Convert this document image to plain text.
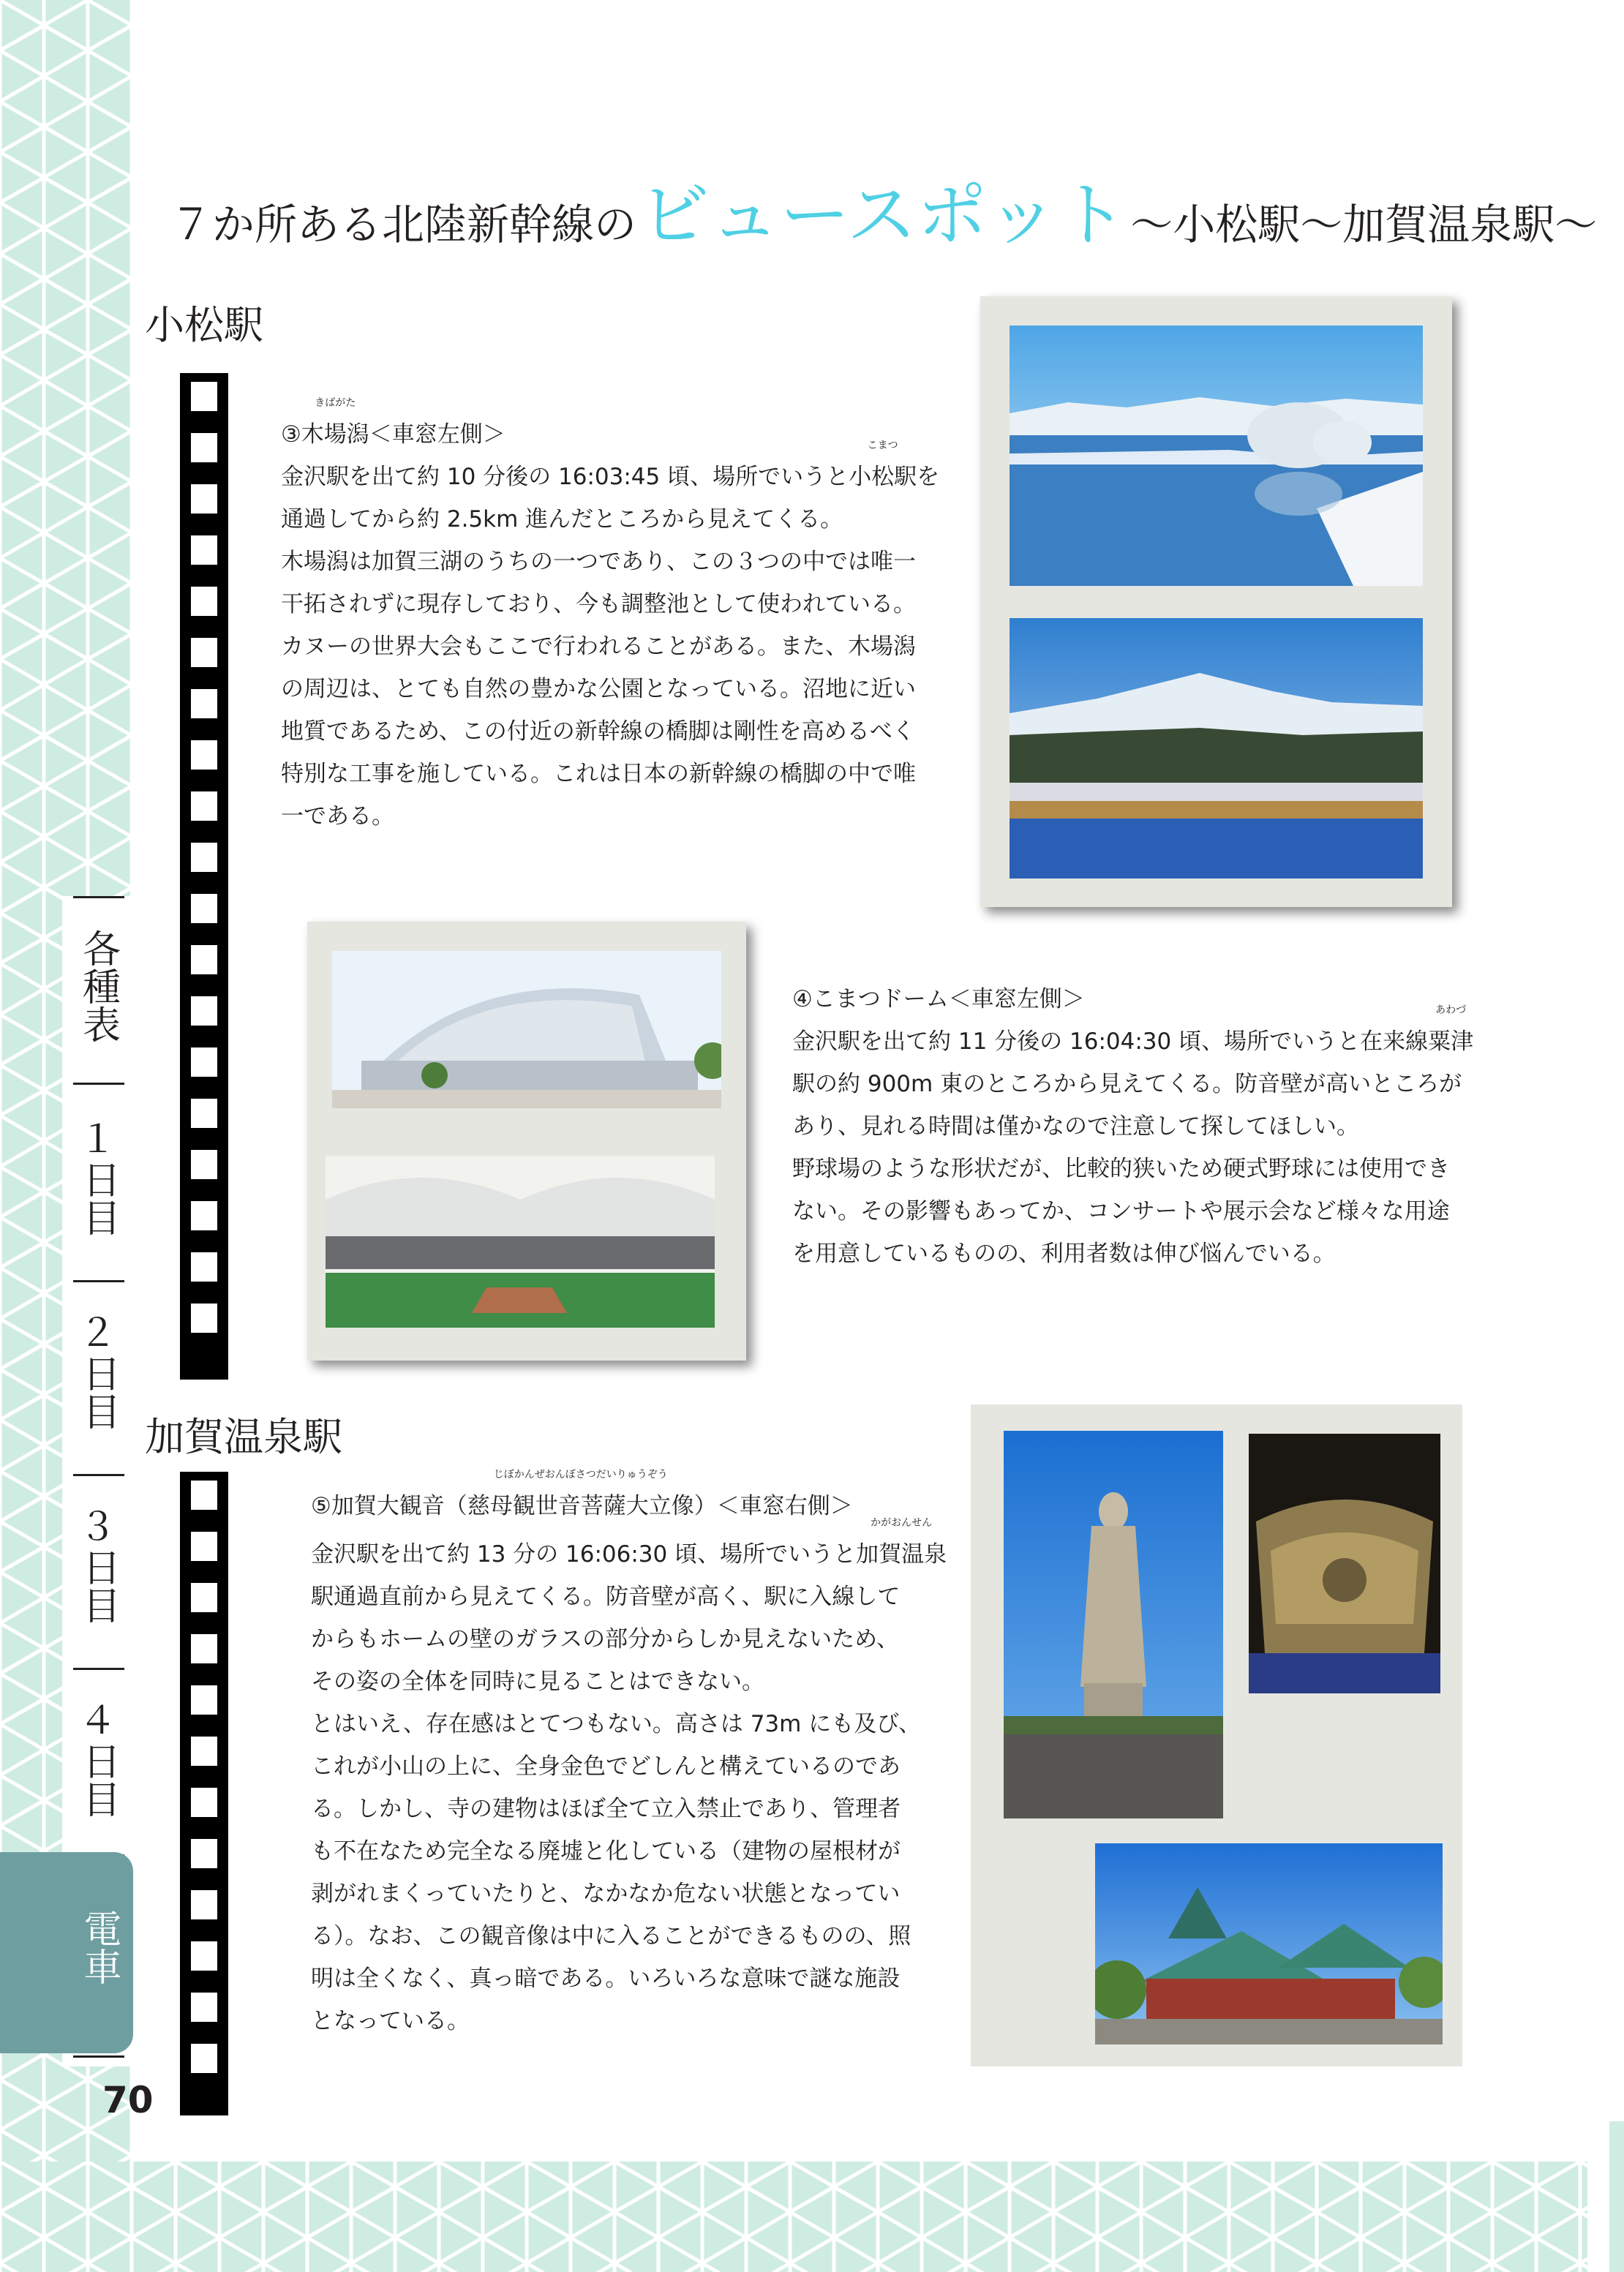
７か所ある北陸新幹線の ビュースポット 〜小松駅〜加賀温泉駅〜
小松駅
③
きばがた
木場潟＜車窓左側＞
金沢駅を出て約 10 分後の 16:03:45 頃、場所でいうと
こまつ
小松駅を
通過してから約 2.5km 進んだところから見えてくる。
木場潟は加賀三湖のうちの一つであり、この３つの中では唯一
干拓されずに現存しており、今も調整池として使われている。
カヌーの世界大会もここで行われることがある。また、木場潟
の周辺は、とても自然の豊かな公園となっている。沼地に近い
地質であるため、この付近の新幹線の橋脚は剛性を高めるべく
特別な工事を施している。これは日本の新幹線の橋脚の中で唯
一である。
④こまつドーム＜車窓左側＞
金沢駅を出て約 11 分後の 16:04:30 頃、場所でいうと在来線
あわづ
粟津
駅の約 900m 東のところから見えてくる。防音壁が高いところが
あり、見れる時間は僅かなので注意して探してほしい。
野球場のような形状だが、比較的狭いため硬式野球には使用でき
ない。その影響もあってか、コンサートや展示会など様々な用途
を用意しているものの、利用者数は伸び悩んでいる。
加賀温泉駅
⑤加賀大観音（
じぼかんぜおんぼさつだいりゅうぞう
慈母観世音菩薩大立像）＜車窓右側＞
金沢駅を出て約 13 分の 16:06:30 頃、場所でいうと
かがおんせん
加賀温泉
駅通過直前から見えてくる。防音壁が高く、駅に入線して
からもホームの壁のガラスの部分からしか見えないため、
その姿の全体を同時に見ることはできない。
とはいえ、存在感はとてつもない。高さは 73m にも及び、
これが小山の上に、全身金色でどしんと構えているのであ
る。しかし、寺の建物はほぼ全て立入禁止であり、管理者
も不在なため完全なる廃墟と化している（建物の屋根材が
剥がれまくっていたりと、なかなか危ない状態となってい
る）。なお、この観音像は中に入ることができるものの、照
明は全くなく、真っ暗である。いろいろな意味で謎な施設
となっている。
各種表
１
日目
２
日目
３
日目
４
日目
電車
70
